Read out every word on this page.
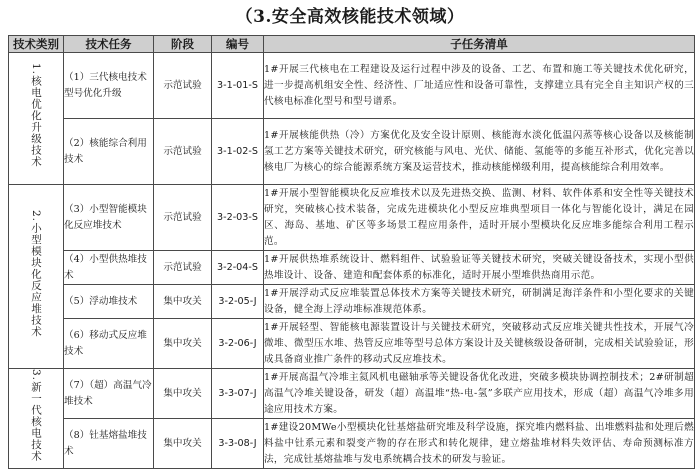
（3.安全高效核能技术领域）
技术类别	技术任务	阶段	编号	子任务清单
1.核电优化升级技术	（1）三代核电技术型号优化升级	示范试验	3-1-01-S	1#开展三代核电在工程建设及运行过程中涉及的设备、工艺、布置和施工等关键技术优化研究，进一步提高机组安全性、经济性、厂址适应性和设备可靠性，支撑建立具有完全自主知识产权的三代核电标准化型号和型号谱系。
	（2）核能综合利用技术	示范试验	3-1-02-S	1#开展核能供热（冷）方案优化及安全设计原则、核能海水淡化低温闪蒸等核心设备以及核能制氢工艺方案等关键技术研究，研究核能与风电、光伏、储能、氢能等的多能互补形式，优化完善以核电厂为核心的综合能源系统方案及运营技术，推动核能梯级利用，提高核能综合利用效率。
2.小型模块化反应堆技术	（3）小型智能模块化反应堆技术	示范试验	3-2-03-S	1#开展小型智能模块化反应堆技术以及先进热交换、监测、材料、软件体系和安全性等关键技术研究，突破核心技术装备，完成先进模块化小型反应堆典型项目一体化与智能化设计，满足在园区、海岛、基地、矿区等多场景工程应用条件，适时开展小型模块化反应堆多能综合利用工程示范。
	（4）小型供热堆技术	示范试验	3-2-04-S	1#开展供热堆系统设计、燃料组件、试验验证等关键技术研究，突破关键设备技术，实现小型供热堆设计、设备、建造和配套体系的标准化，适时开展小型堆供热商用示范。
	（5）浮动堆技术	集中攻关	3-2-05-J	1#开展浮动式反应堆装置总体技术方案等关键技术研究，研制满足海洋条件和小型化要求的关键设备，健全海上浮动堆标准规范体系。
	（6）移动式反应堆技术	集中攻关	3-2-06-J	1#开展轻型、智能核电源装置设计与关键技术研究，突破移动式反应堆关键共性技术，开展气冷微堆、微型压水堆、热管反应堆等型号总体方案设计及关键核级设备研制，完成相关试验验证，形成具备商业推广条件的移动式反应堆技术。
3.新一代核电技术	（7）（超）高温气冷堆技术	集中攻关	3-3-07-J	1#开展高温气冷堆主氦风机电磁轴承等关键设备优化改进，突破多模块协调控制技术；2#研制超高温气冷堆关键设备，研发（超）高温堆“热-电-氢”多联产应用技术，形成（超）高温气冷堆多用途应用技术方案。
	（8）钍基熔盐堆技术	集中攻关	3-3-08-J	1#建设20MWe小型模块化钍基熔盐研究堆及科学设施，探究堆内燃料盐、出堆燃料盐和处理后燃料盐中钍系元素和裂变产物的存在形式和转化规律，建立熔盐堆材料失效评估、寿命预测标准方法，完成钍基熔盐堆与发电系统耦合技术的研发与验证。
